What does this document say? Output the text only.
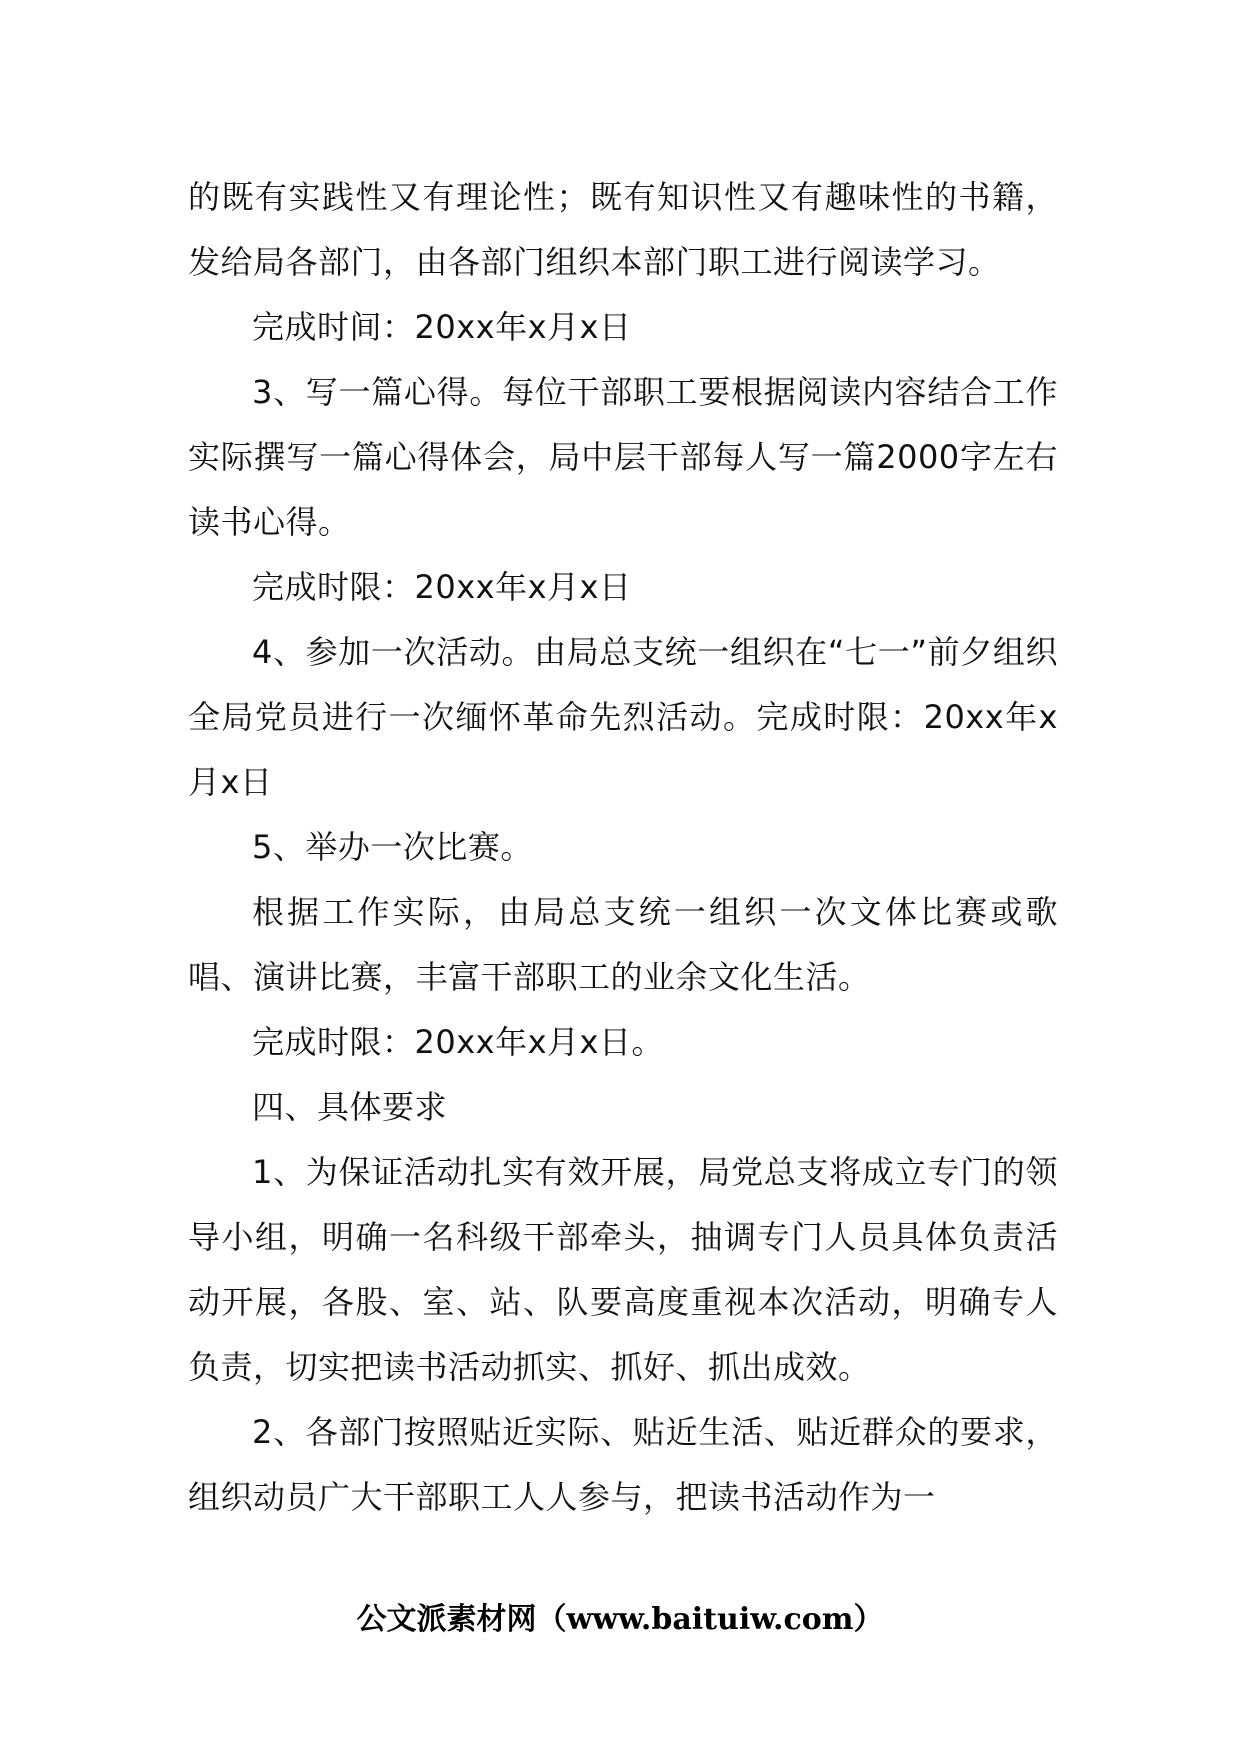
的既有实践性又有理论性；既有知识性又有趣味性的书籍，发给局各部门，由各部门组织本部门职工进行阅读学习。

完成时间：20xx年x月x日

3、写一篇心得。每位干部职工要根据阅读内容结合工作实际撰写一篇心得体会，局中层干部每人写一篇2000字左右读书心得。

完成时限：20xx年x月x日

4、参加一次活动。由局总支统一组织在“七一”前夕组织全局党员进行一次缅怀革命先烈活动。完成时限：20xx年x月x日

5、举办一次比赛。

根据工作实际，由局总支统一组织一次文体比赛或歌唱、演讲比赛，丰富干部职工的业余文化生活。

完成时限：20xx年x月x日。

四、具体要求

1、为保证活动扎实有效开展，局党总支将成立专门的领导小组，明确一名科级干部牵头，抽调专门人员具体负责活动开展，各股、室、站、队要高度重视本次活动，明确专人负责，切实把读书活动抓实、抓好、抓出成效。

2、各部门按照贴近实际、贴近生活、贴近群众的要求，组织动员广大干部职工人人参与，把读书活动作为一

公文派素材网（www.baituiw.com）
